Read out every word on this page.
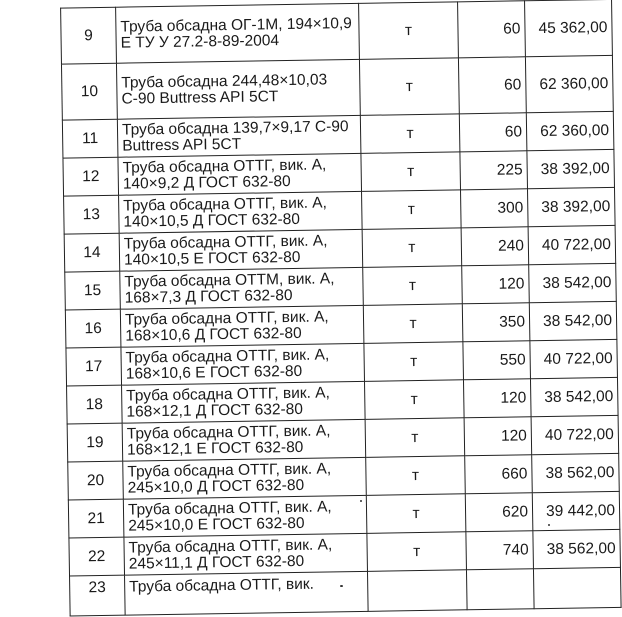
9	Труба обсадна ОГ-1М, 194×10,9 Е ТУ У 27.2-8-89-2004	т	60	45 362,00
10	Труба обсадна 244,48×10,03 С-90 Buttress API 5CT	т	60	62 360,00
11	Труба обсадна 139,7×9,17 С-90 Buttress API 5CT	т	60	62 360,00
12	Труба обсадна ОТТГ, вик. А, 140×9,2 Д ГОСТ 632-80	т	225	38 392,00
13	Труба обсадна ОТТГ, вик. А, 140×10,5 Д ГОСТ 632-80	т	300	38 392,00
14	Труба обсадна ОТТГ, вик. А, 140×10,5 Е ГОСТ 632-80	т	240	40 722,00
15	Труба обсадна ОТТМ, вик. А, 168×7,3 Д ГОСТ 632-80	т	120	38 542,00
16	Труба обсадна ОТТГ, вик. А, 168×10,6 Д ГОСТ 632-80	т	350	38 542,00
17	Труба обсадна ОТТГ, вик. А, 168×10,6 Е ГОСТ 632-80	т	550	40 722,00
18	Труба обсадна ОТТГ, вик. А, 168×12,1 Д ГОСТ 632-80	т	120	38 542,00
19	Труба обсадна ОТТГ, вик. А, 168×12,1 Е ГОСТ 632-80	т	120	40 722,00
20	Труба обсадна ОТТГ, вик. А, 245×10,0 Д ГОСТ 632-80	т	660	38 562,00
21	Труба обсадна ОТТГ, вик. А, 245×10,0 Е ГОСТ 632-80	т	620	39 442,00
22	Труба обсадна ОТТГ, вик. А, 245×11,1 Д ГОСТ 632-80	т	740	38 562,00
23	Труба обсадна ОТТГ, вик.			
